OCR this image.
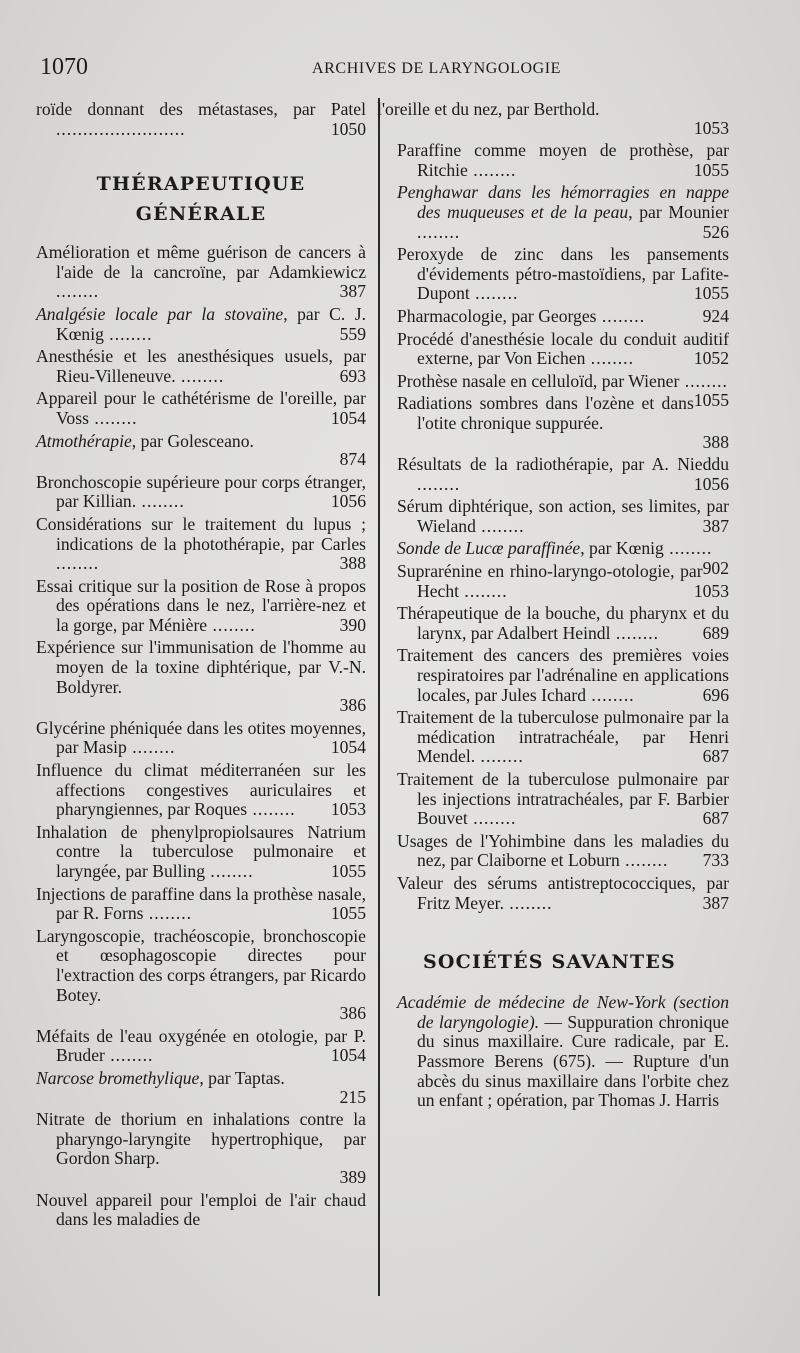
1070	ARCHIVES DE LARYNGOLOGIE
roïde donnant des métastases, par Patel ........................	1050
THÉRAPEUTIQUE
GÉNÉRALE
Amélioration et même guérison de cancers à l'aide de la cancroïne, par Adamkiewicz ........	387
Analgésie locale par la stovaïne, par C. J. Kœnig ........	559
Anesthésie et les anesthésiques usuels, par Rieu-Villeneuve. ........	693
Appareil pour le cathétérisme de l'oreille, par Voss ........	1054
Atmothérapie, par Golesceano.
874
Bronchoscopie supérieure pour corps étranger, par Killian. ........	1056
Considérations sur le traitement du lupus ; indications de la photothérapie, par Carles ........	388
Essai critique sur la position de Rose à propos des opérations dans le nez, l'arrière-nez et la gorge, par Ménière ........	390
Expérience sur l'immunisation de l'homme au moyen de la toxine diphtérique, par V.-N. Boldyrer.
386
Glycérine phéniquée dans les otites moyennes, par Masip ........	1054
Influence du climat méditerranéen sur les affections congestives auriculaires et pharyngiennes, par Roques ........ 1053
Inhalation de phenylpropiolsaures Natrium contre la tuberculose pulmonaire et laryngée, par Bulling ........	1055
Injections de paraffine dans la prothèse nasale, par R. Forns ........	1055
Laryngoscopie, trachéoscopie, bronchoscopie et œsophagoscopie directes pour l'extraction des corps étrangers, par Ricardo Botey.
386
Méfaits de l'eau oxygénée en otologie, par P. Bruder ........	1054
Narcose bromethylique, par Taptas.
215
Nitrate de thorium en inhalations contre la pharyngo-laryngite hypertrophique, par Gordon Sharp.
389
Nouvel appareil pour l'emploi de l'air chaud dans les maladies de
l'oreille et du nez, par Berthold.
1053
Paraffine comme moyen de prothèse, par Ritchie ........	1055
Penghawar dans les hémorragies en nappe des muqueuses et de la peau, par Mounier ........	526
Peroxyde de zinc dans les pansements d'évidements pétro-mastoïdiens, par Lafite-Dupont ........	1055
Pharmacologie, par Georges ........	924
Procédé d'anesthésie locale du conduit auditif externe, par Von Eichen ........	1052
Prothèse nasale en celluloïd, par Wiener ........
1055
Radiations sombres dans l'ozène et dans l'otite chronique suppurée.
388
Résultats de la radiothérapie, par A. Nieddu ........	1056
Sérum diphtérique, son action, ses limites, par Wieland ........	387
Sonde de Lucæ paraffinée, par Kœnig ........
902
Suprarénine en rhino-laryngo-otologie, par Hecht ........	1053
Thérapeutique de la bouche, du pharynx et du larynx, par Adalbert Heindl ........ 689
Traitement des cancers des premières voies respiratoires par l'adrénaline en applications locales, par Jules Ichard ........	696
Traitement de la tuberculose pulmonaire par la médication intratrachéale, par Henri Mendel. ........	687
Traitement de la tuberculose pulmonaire par les injections intratrachéales, par F. Barbier Bouvet ........	687
Usages de l'Yohimbine dans les maladies du nez, par Claiborne et Loburn ........ 733
Valeur des sérums antistreptococciques, par Fritz Meyer. ........	387
SOCIÉTÉS SAVANTES
Académie de médecine de New-York (section de laryngologie). — Suppuration chronique du sinus maxillaire. Cure radicale, par E. Passmore Berens (675). — Rupture d'un abcès du sinus maxillaire dans l'orbite chez un enfant ; opération, par Thomas J. Harris
